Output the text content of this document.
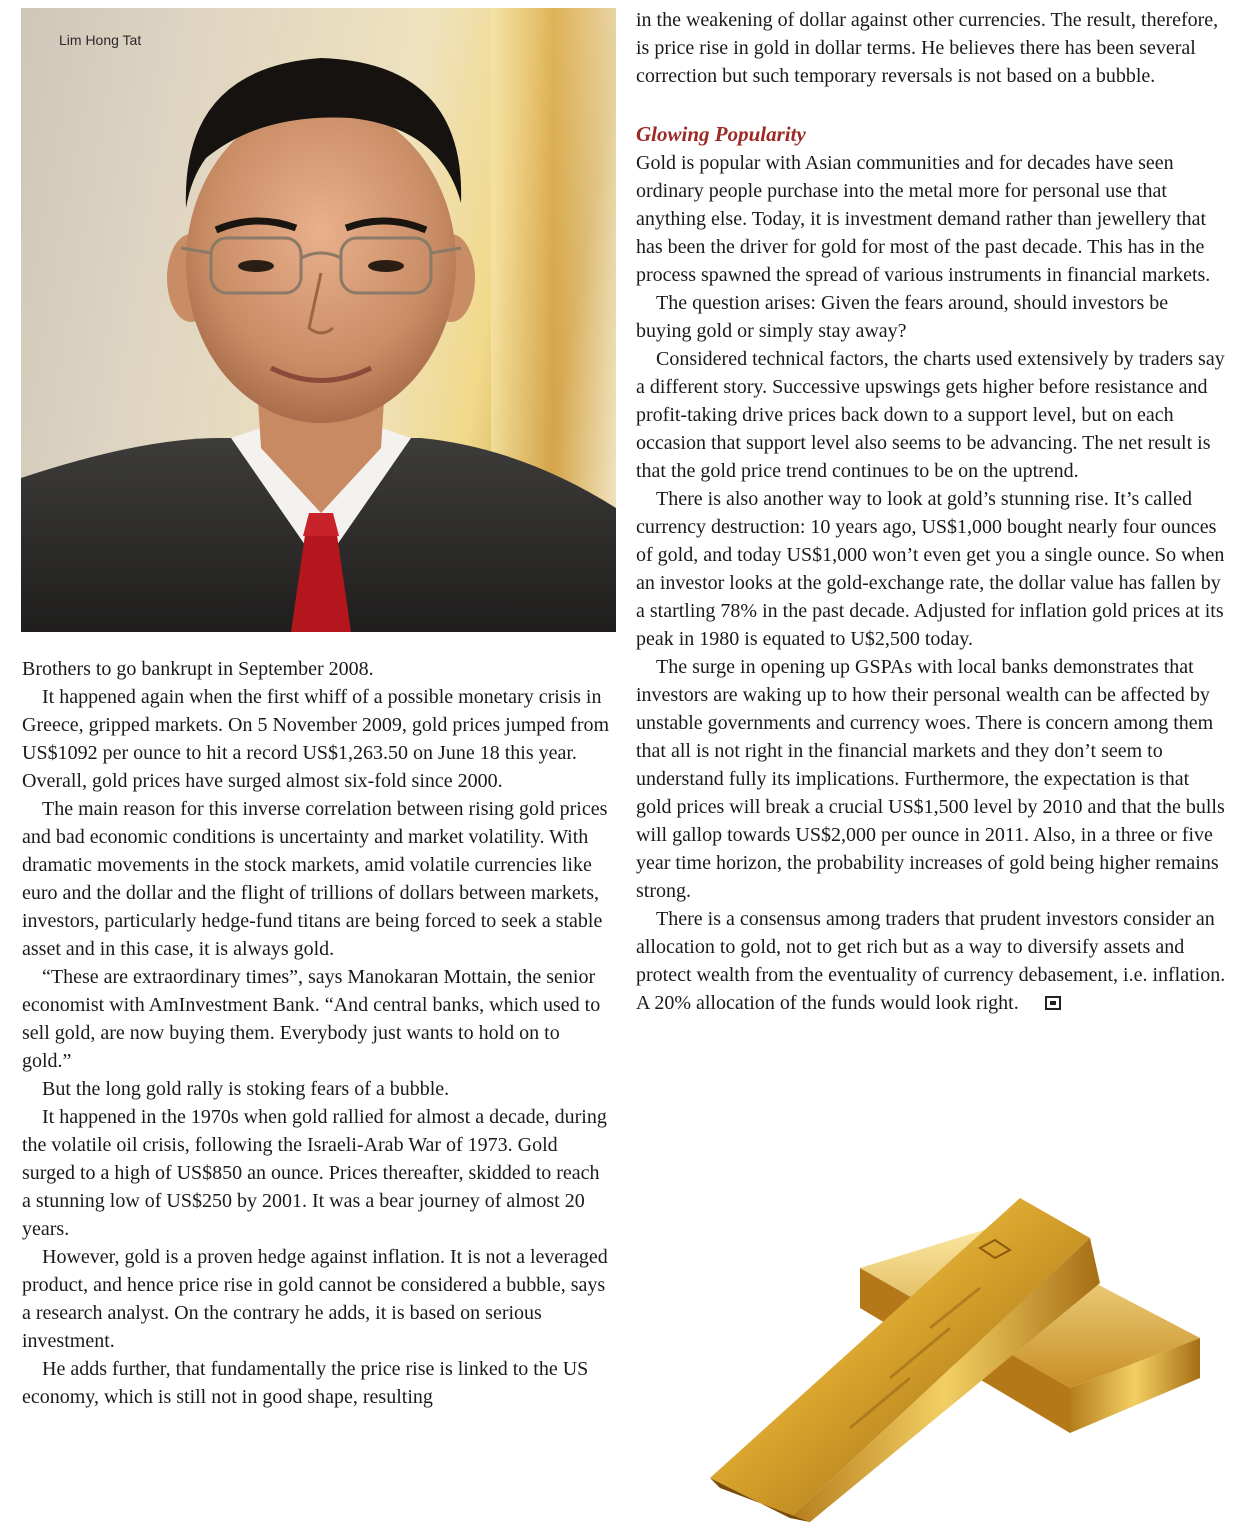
Lim Hong Tat

Brothers to go bankrupt in September 2008.

It happened again when the first whiff of a possible monetary crisis in Greece, gripped markets. On 5 November 2009, gold prices jumped from US$1092 per ounce to hit a record US$1,263.50 on June 18 this year. Overall, gold prices have surged almost six-fold since 2000.

The main reason for this inverse correlation between rising gold prices and bad economic conditions is uncertainty and market volatility. With dramatic movements in the stock markets, amid volatile currencies like euro and the dollar and the flight of trillions of dollars between markets, investors, particularly hedge-fund titans are being forced to seek a stable asset and in this case, it is always gold.

“These are extraordinary times”, says Manokaran Mottain, the senior economist with AmInvestment Bank. “And central banks, which used to sell gold, are now buying them. Everybody just wants to hold on to gold.”

But the long gold rally is stoking fears of a bubble.

It happened in the 1970s when gold rallied for almost a decade, during the volatile oil crisis, following the Israeli-Arab War of 1973. Gold surged to a high of US$850 an ounce. Prices thereafter, skidded to reach a stunning low of US$250 by 2001. It was a bear journey of almost 20 years.

However, gold is a proven hedge against inflation. It is not a leveraged product, and hence price rise in gold cannot be considered a bubble, says a research analyst. On the contrary he adds, it is based on serious investment.

He adds further, that fundamentally the price rise is linked to the US economy, which is still not in good shape, resulting

in the weakening of dollar against other currencies. The result, therefore, is price rise in gold in dollar terms. He believes there has been several correction but such temporary reversals is not based on a bubble.

Glowing Popularity

Gold is popular with Asian communities and for decades have seen ordinary people purchase into the metal more for personal use that anything else. Today, it is investment demand rather than jewellery that has been the driver for gold for most of the past decade. This has in the process spawned the spread of various instruments in financial markets.

The question arises: Given the fears around, should investors be buying gold or simply stay away?

Considered technical factors, the charts used extensively by traders say a different story. Successive upswings gets higher before resistance and profit-taking drive prices back down to a support level, but on each occasion that support level also seems to be advancing. The net result is that the gold price trend continues to be on the uptrend.

There is also another way to look at gold’s stunning rise. It’s called currency destruction: 10 years ago, US$1,000 bought nearly four ounces of gold, and today US$1,000 won’t even get you a single ounce. So when an investor looks at the gold-exchange rate, the dollar value has fallen by a startling 78% in the past decade. Adjusted for inflation gold prices at its peak in 1980 is equated to U$2,500 today.

The surge in opening up GSPAs with local banks demonstrates that investors are waking up to how their personal wealth can be affected by unstable governments and currency woes. There is concern among them that all is not right in the financial markets and they don’t seem to understand fully its implications. Furthermore, the expectation is that gold prices will break a crucial US$1,500 level by 2010 and that the bulls will gallop towards US$2,000 per ounce in 2011. Also, in a three or five year time horizon, the probability increases of gold being higher remains strong.

There is a consensus among traders that prudent investors consider an allocation to gold, not to get rich but as a way to diversify assets and protect wealth from the eventuality of currency debasement, i.e. inflation. A 20% allocation of the funds would look right.
